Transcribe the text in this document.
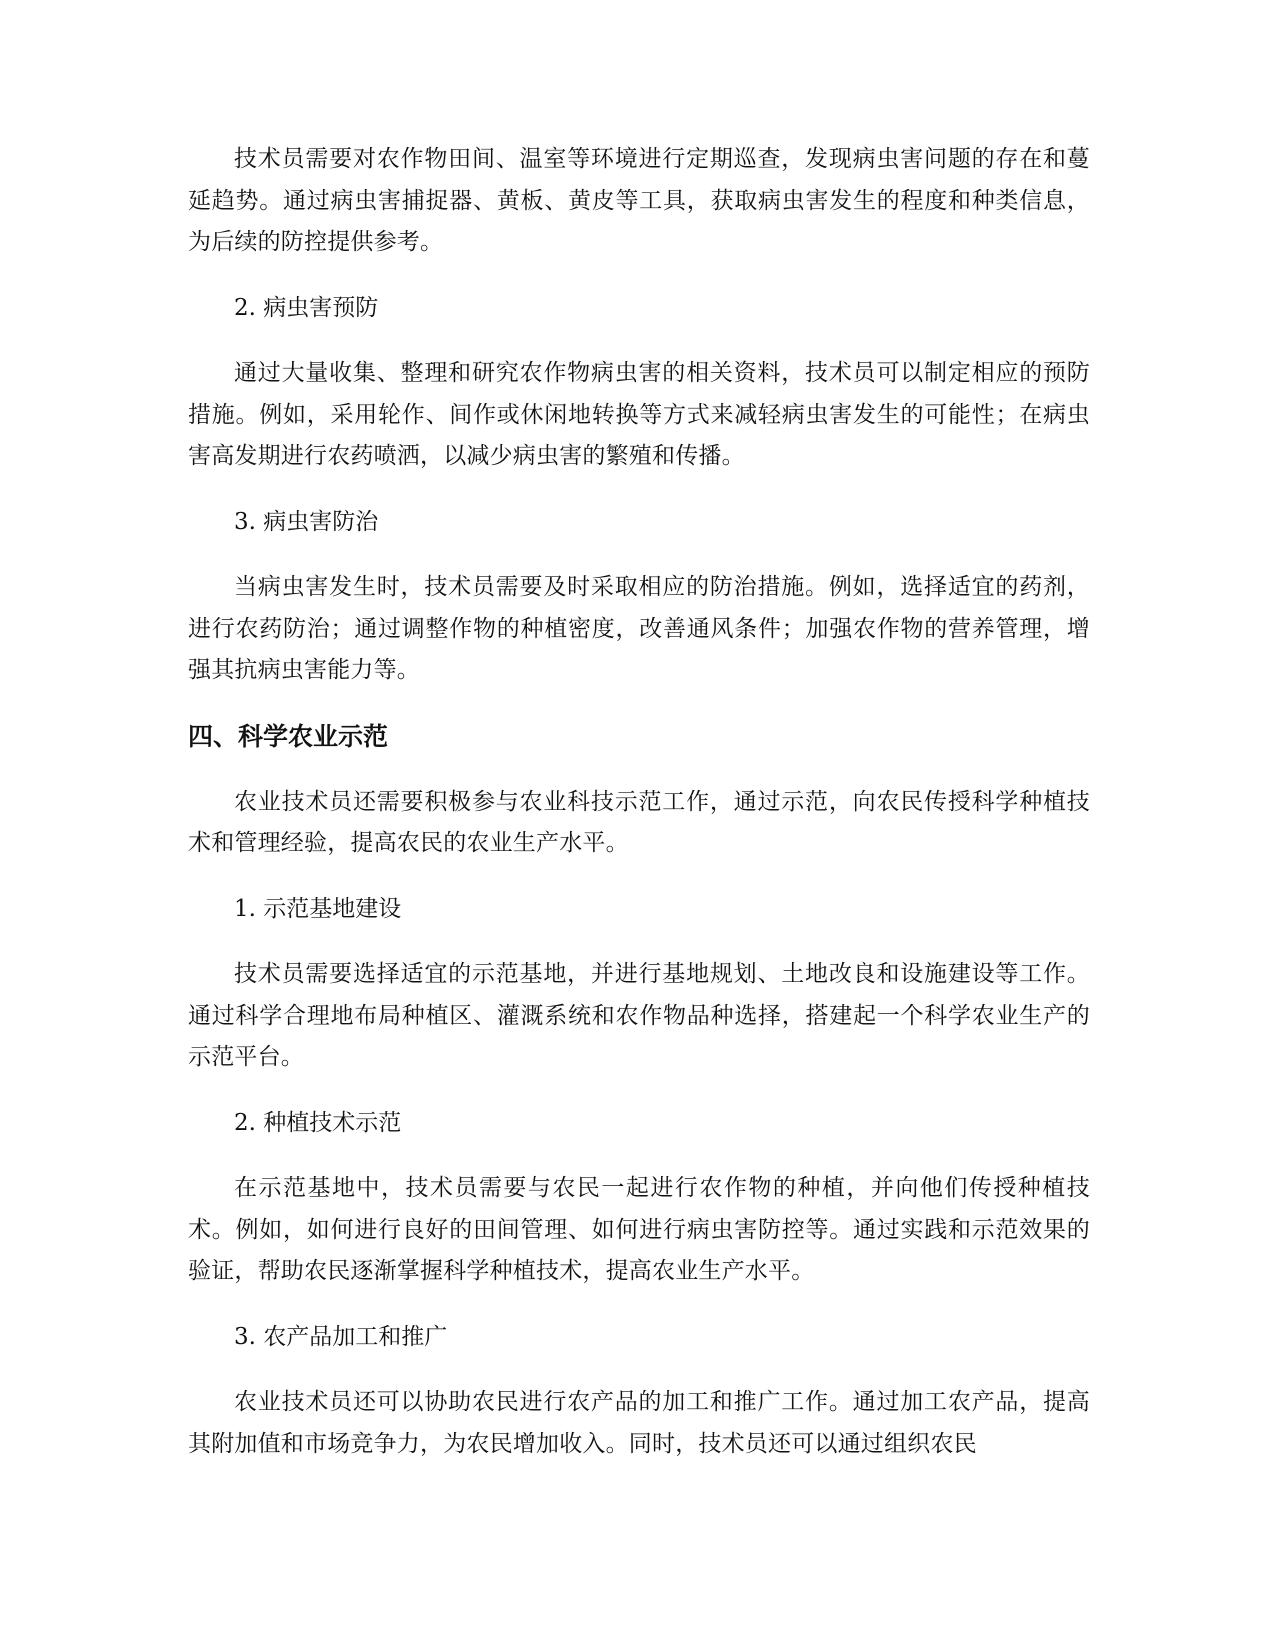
技术员需要对农作物田间、温室等环境进行定期巡查，发现病虫害问题的存在和蔓延趋势。通过病虫害捕捉器、黄板、黄皮等工具，获取病虫害发生的程度和种类信息，为后续的防控提供参考。

2. 病虫害预防

通过大量收集、整理和研究农作物病虫害的相关资料，技术员可以制定相应的预防措施。例如，采用轮作、间作或休闲地转换等方式来减轻病虫害发生的可能性；在病虫害高发期进行农药喷洒，以减少病虫害的繁殖和传播。

3. 病虫害防治

当病虫害发生时，技术员需要及时采取相应的防治措施。例如，选择适宜的药剂，进行农药防治；通过调整作物的种植密度，改善通风条件；加强农作物的营养管理，增强其抗病虫害能力等。

四、科学农业示范

农业技术员还需要积极参与农业科技示范工作，通过示范，向农民传授科学种植技术和管理经验，提高农民的农业生产水平。

1. 示范基地建设

技术员需要选择适宜的示范基地，并进行基地规划、土地改良和设施建设等工作。通过科学合理地布局种植区、灌溉系统和农作物品种选择，搭建起一个科学农业生产的示范平台。

2. 种植技术示范

在示范基地中，技术员需要与农民一起进行农作物的种植，并向他们传授种植技术。例如，如何进行良好的田间管理、如何进行病虫害防控等。通过实践和示范效果的验证，帮助农民逐渐掌握科学种植技术，提高农业生产水平。

3. 农产品加工和推广

农业技术员还可以协助农民进行农产品的加工和推广工作。通过加工农产品，提高其附加值和市场竞争力，为农民增加收入。同时，技术员还可以通过组织农民
